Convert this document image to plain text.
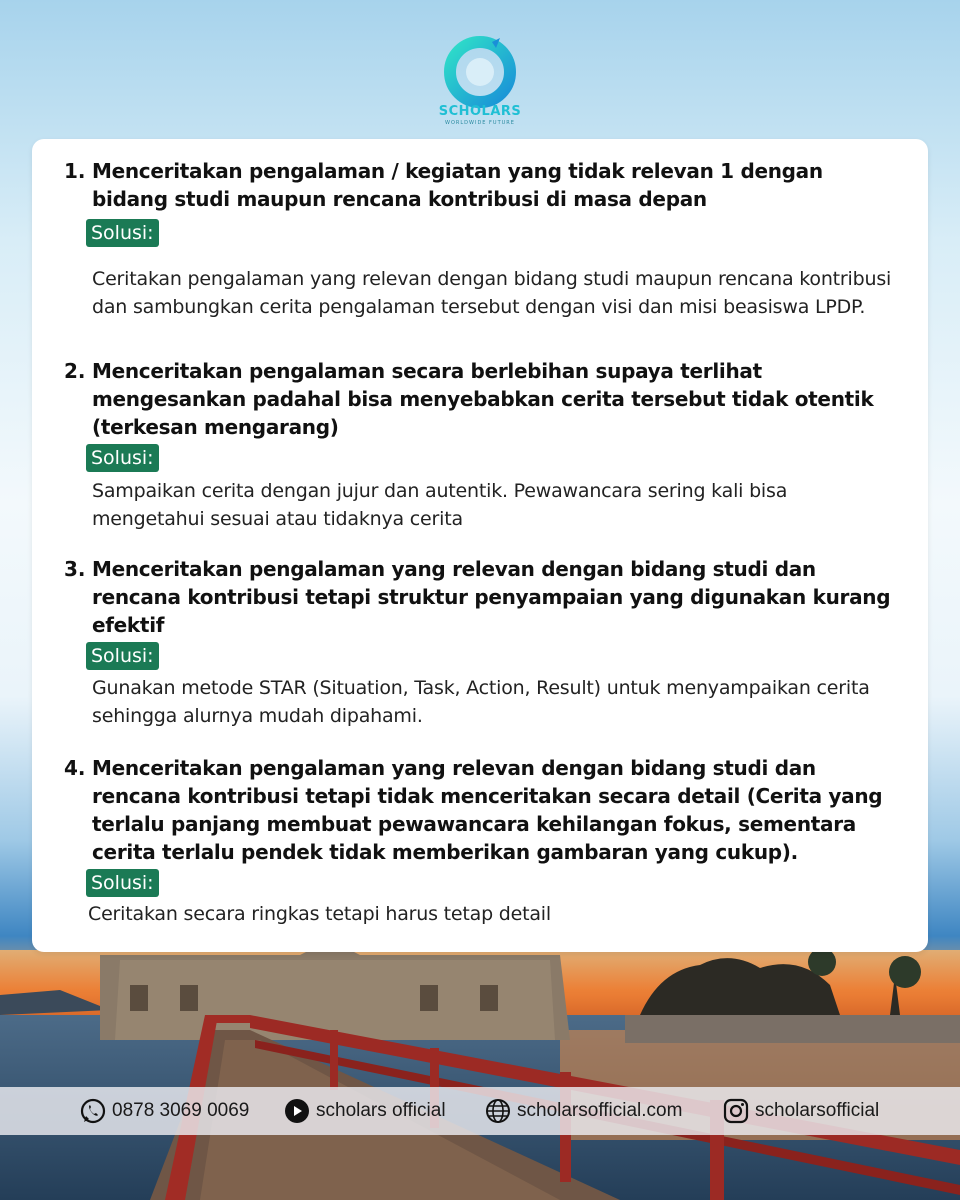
SCHOLARS
WORLDWIDE FUTURE
1. Menceritakan pengalaman / kegiatan yang tidak relevan 1 dengan bidang studi maupun rencana kontribusi di masa depan
Solusi:
Ceritakan pengalaman yang relevan dengan bidang studi maupun rencana kontribusi dan sambungkan cerita pengalaman tersebut dengan visi dan misi beasiswa LPDP.
2. Menceritakan pengalaman secara berlebihan supaya terlihat mengesankan padahal bisa menyebabkan cerita tersebut tidak otentik (terkesan mengarang)
Solusi:
Sampaikan cerita dengan jujur dan autentik. Pewawancara sering kali bisa mengetahui sesuai atau tidaknya cerita
3. Menceritakan pengalaman yang relevan dengan bidang studi dan rencana kontribusi tetapi struktur penyampaian yang digunakan kurang efektif
Solusi:
Gunakan metode STAR (Situation, Task, Action, Result) untuk menyampaikan cerita sehingga alurnya mudah dipahami.
4. Menceritakan pengalaman yang relevan dengan bidang studi dan rencana kontribusi tetapi tidak menceritakan secara detail (Cerita yang terlalu panjang membuat pewawancara kehilangan fokus, sementara cerita terlalu pendek tidak memberikan gambaran yang cukup).
Solusi:
Ceritakan secara ringkas tetapi harus tetap detail
0878 3069 0069	scholars official	scholarsofficial.com	scholarsofficial
